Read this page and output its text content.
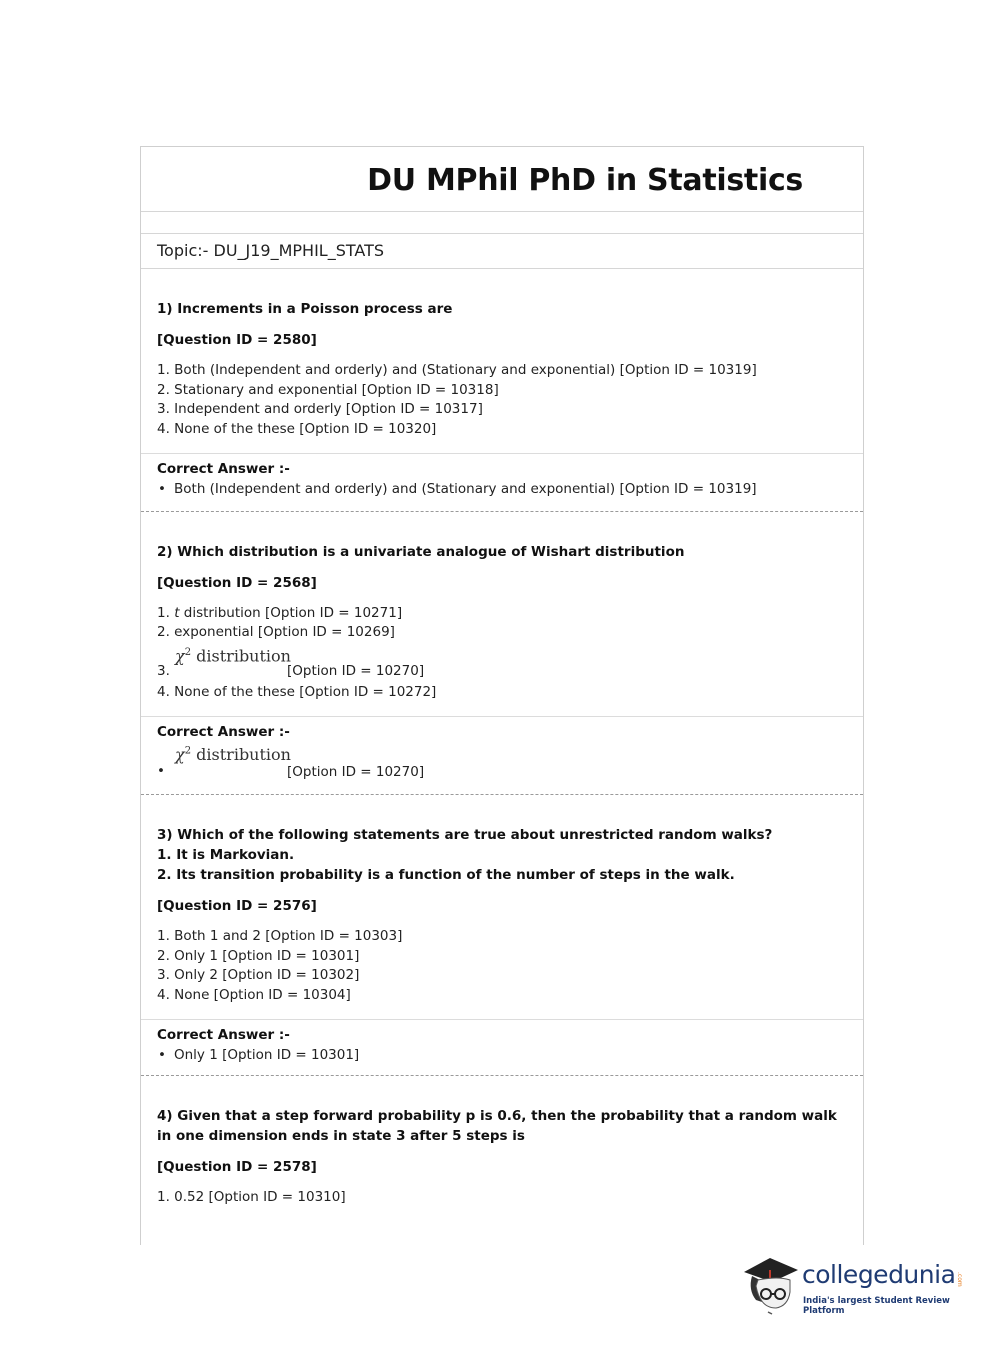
DU MPhil PhD in Statistics
Topic:- DU_J19_MPHIL_STATS

1) Increments in a Poisson process are

[Question ID = 2580]

1. Both (Independent and orderly) and (Stationary and exponential) [Option ID = 10319]
2. Stationary and exponential [Option ID = 10318]
3. Independent and orderly [Option ID = 10317]
4. None of the these [Option ID = 10320]

Correct Answer :-

• Both (Independent and orderly) and (Stationary and exponential) [Option ID = 10319]

2) Which distribution is a univariate analogue of Wishart distribution

[Question ID = 2568]

1. t distribution [Option ID = 10271]
2. exponential [Option ID = 10269]
3.
$\chi^2$ distribution
[Option ID = 10270]
4. None of the these [Option ID = 10272]

Correct Answer :-

•
$\chi^2$ distribution
[Option ID = 10270]

3) Which of the following statements are true about unrestricted random walks?

1. It is Markovian.

2. Its transition probability is a function of the number of steps in the walk.

[Question ID = 2576]

1. Both 1 and 2 [Option ID = 10303]
2. Only 1 [Option ID = 10301]
3. Only 2 [Option ID = 10302]
4. None [Option ID = 10304]

Correct Answer :-

• Only 1 [Option ID = 10301]

4) Given that a step forward probability p is 0.6, then the probability that a random walk in one dimension ends in state 3 after 5 steps is

[Question ID = 2578]

1. 0.52 [Option ID = 10310]
collegedunia .com
India's largest Student Review Platform
